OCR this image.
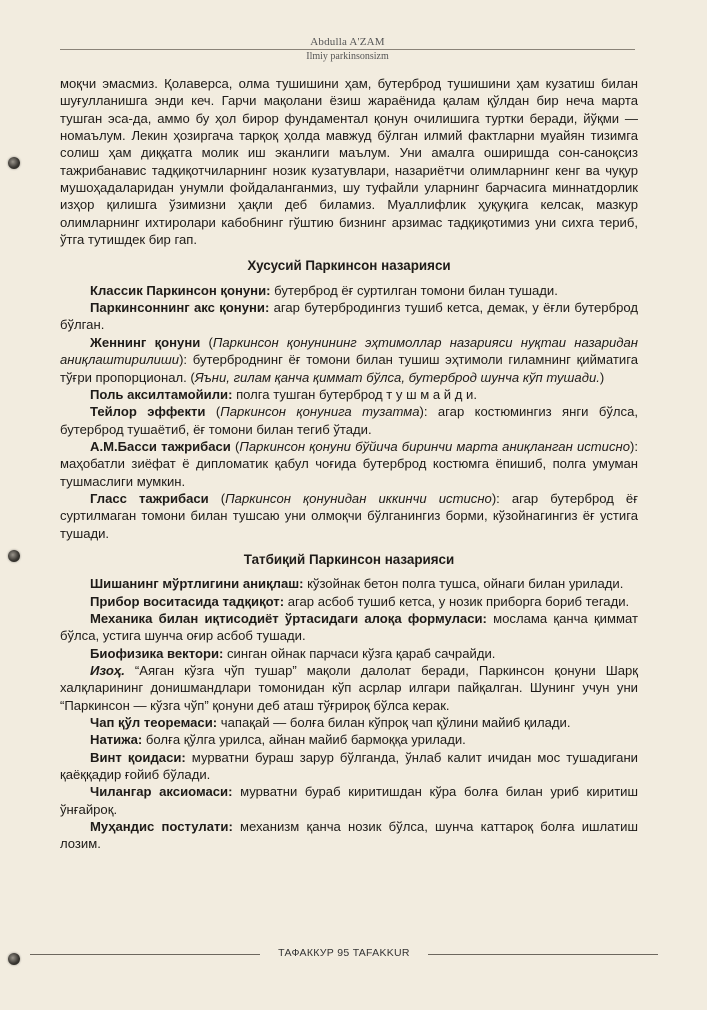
Abdulla A'ZAM
Ilmiy parkinsonsizm

моқчи эмасмиз. Қолаверса, олма тушишини ҳам, бутерброд тушишини ҳам кузатиш билан шуғулланишга энди кеч. Гарчи мақолани ёзиш жараёнида қалам қўлдан бир неча марта тушган эса-да, аммо бу ҳол бирор фундаментал қонун очилишига туртки беради, йўқми — номаълум. Лекин ҳозиргача тарқоқ ҳолда мавжуд бўлган илмий фактларни муайян тизимга солиш ҳам диққатга молик иш эканлиги маълум. Уни амалга оширишда сон-саноқсиз тажрибанавис тадқиқотчиларнинг нозик кузатувлари, назариётчи олимларнинг кенг ва чуқур мушоҳадаларидан унумли фойдаланганмиз, шу туфайли уларнинг барчасига миннатдорлик изҳор қилишга ўзимизни ҳақли деб биламиз. Муаллифлик ҳуқуқига келсак, мазкур олимларнинг ихтиролари кабобнинг гўштию бизнинг арзимас тадқиқотимиз уни сихга териб, ўтга тутишдек бир гап.

Хусусий Паркинсон назарияси

Классик Паркинсон қонуни: бутерброд ёғ суртилган томони билан тушади.

Паркинсоннинг акс қонуни: агар бутербродингиз тушиб кетса, демак, у ёғли бутерброд бўлган.

Женнинг қонуни (Паркинсон қонунининг эҳтимоллар назарияси нуқтаи назаридан аниқлаштирилиши): бутерброднинг ёғ томони билан тушиш эҳтимоли гиламнинг қийматига тўғри пропорционал. (Яъни, гилам қанча қиммат бўлса, бутерброд шунча кўп тушади.)

Поль аксилтамойили: полга тушган бутерброд т у ш м а й д и.

Тейлор эффекти (Паркинсон қонунига тузатма): агар костюмингиз янги бўлса, бутерброд тушаётиб, ёғ томони билан тегиб ўтади.

А.М.Басси тажрибаси (Паркинсон қонуни бўйича биринчи марта аниқланган истисно): маҳобатли зиёфат ё дипломатик қабул чоғида бутерброд костюмга ёпишиб, полга умуман тушмаслиги мумкин.

Гласс тажрибаси (Паркинсон қонунидан иккинчи истисно): агар бутерброд ёғ суртилмаган томони билан тушсаю уни олмоқчи бўлганингиз борми, кўзойнагингиз ёғ устига тушади.

Татбиқий Паркинсон назарияси

Шишанинг мўртлигини аниқлаш: кўзойнак бетон полга тушса, ойнаги билан урилади.

Прибор воситасида тадқиқот: агар асбоб тушиб кетса, у нозик приборга бориб тегади.

Механика билан иқтисодиёт ўртасидаги алоқа формуласи: мослама қанча қиммат бўлса, устига шунча оғир асбоб тушади.

Биофизика вектори: синган ойнак парчаси кўзга қараб сачрайди.

Изоҳ. “Аяган кўзга чўп тушар” мақоли далолат беради, Паркинсон қонуни Шарқ халқларининг донишмандлари томонидан кўп асрлар илгари пайқалган. Шунинг учун уни “Паркинсон — кўзга чўп” қонуни деб аташ тўғрироқ бўлса керак.

Чап қўл теоремаси: чапақай — болға билан кўпроқ чап қўлини майиб қилади.

Натижа: болға қўлга урилса, айнан майиб бармоққа урилади.

Винт қоидаси: мурватни бураш зарур бўлганда, ўнлаб калит ичидан мос тушадигани қаёққадир ғойиб бўлади.

Чилангар аксиомаси: мурватни бураб киритишдан кўра болға билан уриб киритиш ўнғайроқ.

Муҳандис постулати: механизм қанча нозик бўлса, шунча каттароқ болға ишлатиш лозим.

ТАФАККУР 95 TAFAKKUR
